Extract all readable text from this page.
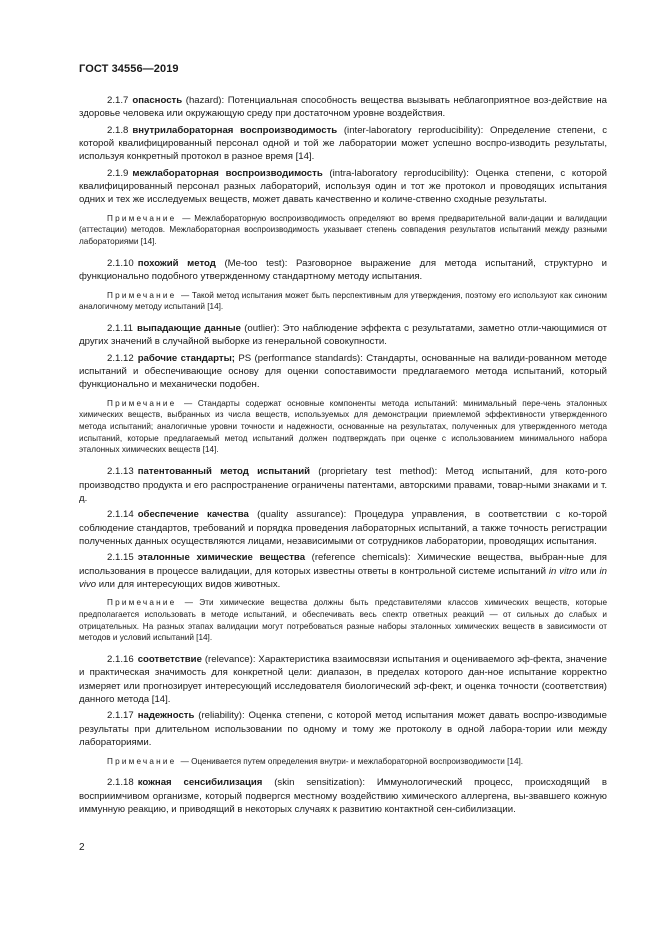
ГОСТ 34556—2019

2.1.7 опасность (hazard): Потенциальная способность вещества вызывать неблагоприятное воз-действие на здоровье человека или окружающую среду при достаточном уровне воздействия.

2.1.8 внутрилабораторная воспроизводимость (inter-laboratory reproducibility): Определение степени, с которой квалифицированный персонал одной и той же лаборатории может успешно воспро-изводить результаты, используя конкретный протокол в разное время [14].

2.1.9 межлабораторная воспроизводимость (intra-laboratory reproducibility): Оценка степени, с которой квалифицированный персонал разных лабораторий, используя один и тот же протокол и проводящих испытания одних и тех же исследуемых веществ, может давать качественно и количе-ственно сходные результаты.

Примечание — Межлабораторную воспроизводимость определяют во время предварительной вали-дации и валидации (аттестации) методов. Межлабораторная воспроизводимость указывает степень совпадения результатов испытаний между разными лабораториями [14].

2.1.10 похожий метод (Me-too test): Разговорное выражение для метода испытаний, структурно и функционально подобного утвержденному стандартному методу испытания.

Примечание — Такой метод испытания может быть перспективным для утверждения, поэтому его используют как синоним аналогичному методу испытаний [14].

2.1.11 выпадающие данные (outlier): Это наблюдение эффекта с результатами, заметно отли-чающимися от других значений в случайной выборке из генеральной совокупности.

2.1.12 рабочие стандарты; PS (performance standards): Стандарты, основанные на валиди-рованном методе испытаний и обеспечивающие основу для оценки сопоставимости предлагаемого метода испытаний, который функционально и механически подобен.

Примечание — Стандарты содержат основные компоненты метода испытаний: минимальный пере-чень эталонных химических веществ, выбранных из числа веществ, используемых для демонстрации приемлемой эффективности утвержденного метода испытаний; аналогичные уровни точности и надежности, основанные на результатах, полученных для утвержденного метода испытаний, которые предлагаемый метод испытаний должен подтверждать при оценке с использованием минимального набора эталонных химических веществ [14].

2.1.13 патентованный метод испытаний (proprietary test method): Метод испытаний, для кото-рого производство продукта и его распространение ограничены патентами, авторскими правами, товар-ными знаками и т. д.

2.1.14 обеспечение качества (quality assurance): Процедура управления, в соответствии с ко-торой соблюдение стандартов, требований и порядка проведения лабораторных испытаний, а также точность регистрации полученных данных осуществляются лицами, независимыми от сотрудников лаборатории, проводящих испытания.

2.1.15 эталонные химические вещества (reference chemicals): Химические вещества, выбран-ные для использования в процессе валидации, для которых известны ответы в контрольной системе испытаний in vitro или in vivo или для интересующих видов животных.

Примечание — Эти химические вещества должны быть представителями классов химических веществ, которые предполагается использовать в методе испытаний, и обеспечивать весь спектр ответных реакций — от сильных до слабых и отрицательных. На разных этапах валидации могут потребоваться разные наборы эталонных химических веществ в зависимости от методов и условий испытаний [14].

2.1.16 соответствие (relevance): Характеристика взаимосвязи испытания и оцениваемого эф-фекта, значение и практическая значимость для конкретной цели: диапазон, в пределах которого дан-ное испытание корректно измеряет или прогнозирует интересующий исследователя биологический эф-фект, и оценка точности (соответствия) данного метода [14].

2.1.17 надежность (reliability): Оценка степени, с которой метод испытания может давать воспро-изводимые результаты при длительном использовании по одному и тому же протоколу в одной лабора-тории или между лабораториями.

Примечание — Оценивается путем определения внутри- и межлабораторной воспроизводимости [14].

2.1.18 кожная сенсибилизация (skin sensitization): Иммунологический процесс, происходящий в восприимчивом организме, который подвергся местному воздействию химического аллергена, вы-звавшего кожную иммунную реакцию, и приводящий в некоторых случаях к развитию контактной сен-сибилизации.

2
